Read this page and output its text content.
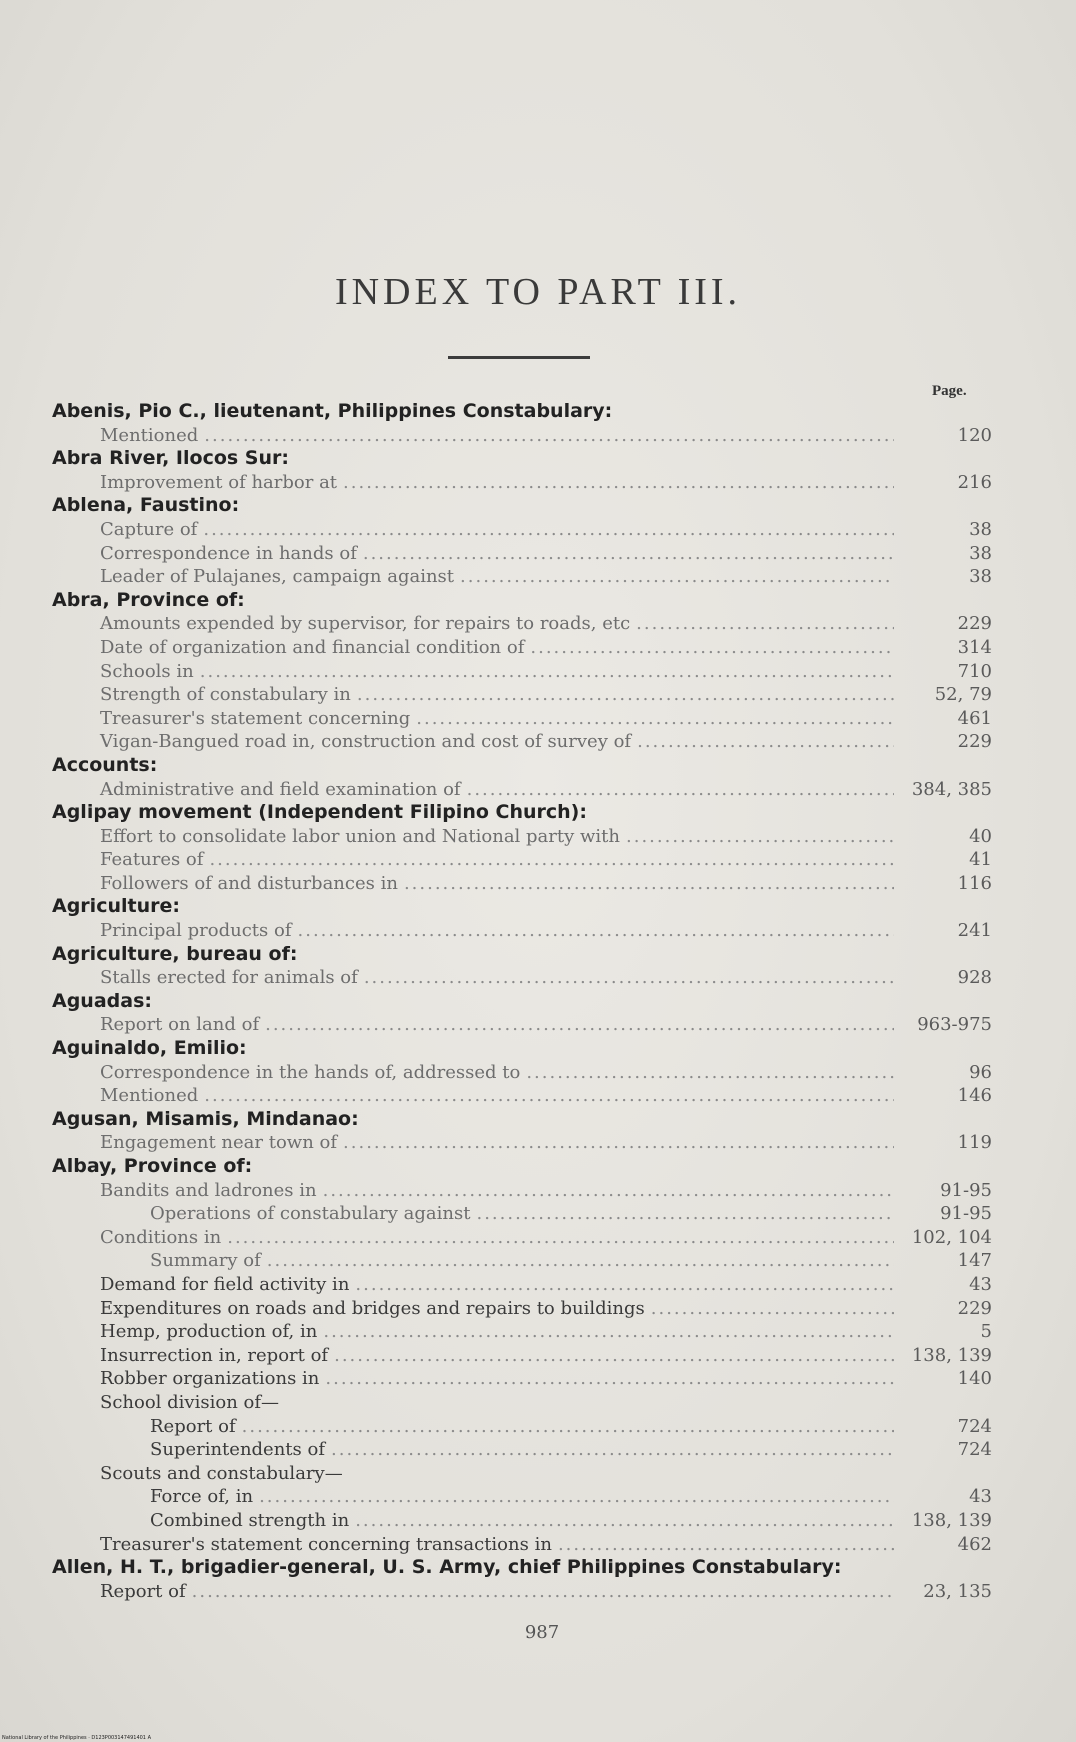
INDEX TO PART III.
Page.
Abenis, Pio C., lieutenant, Philippines Constabulary:
Mentioned .....	120
Abra River, Ilocos Sur:
Improvement of harbor at .....	216
Ablena, Faustino:
Capture of .....	38
Correspondence in hands of .....	38
Leader of Pulajanes, campaign against .....	38
Abra, Province of:
Amounts expended by supervisor, for repairs to roads, etc .....	229
Date of organization and financial condition of .....	314
Schools in .....	710
Strength of constabulary in .....	52, 79
Treasurer's statement concerning .....	461
Vigan-Bangued road in, construction and cost of survey of .....	229
Accounts:
Administrative and field examination of .....	384, 385
Aglipay movement (Independent Filipino Church):
Effort to consolidate labor union and National party with .....	40
Features of .....	41
Followers of and disturbances in .....	116
Agriculture:
Principal products of .....	241
Agriculture, bureau of:
Stalls erected for animals of .....	928
Aguadas:
Report on land of .....	963-975
Aguinaldo, Emilio:
Correspondence in the hands of, addressed to .....	96
Mentioned .....	146
Agusan, Misamis, Mindanao:
Engagement near town of .....	119
Albay, Province of:
Bandits and ladrones in .....	91-95
Operations of constabulary against .....	91-95
Conditions in .....	102, 104
Summary of .....	147
Demand for field activity in .....	43
Expenditures on roads and bridges and repairs to buildings .....	229
Hemp, production of, in .....	5
Insurrection in, report of .....	138, 139
Robber organizations in .....	140
School division of—
Report of .....	724
Superintendents of .....	724
Scouts and constabulary—
Force of, in .....	43
Combined strength in .....	138, 139
Treasurer's statement concerning transactions in .....	462
Allen, H. T., brigadier-general, U. S. Army, chief Philippines Constabulary:
Report of .....	23, 135
987
National Library of the Philippines · D123P003147491401 A
